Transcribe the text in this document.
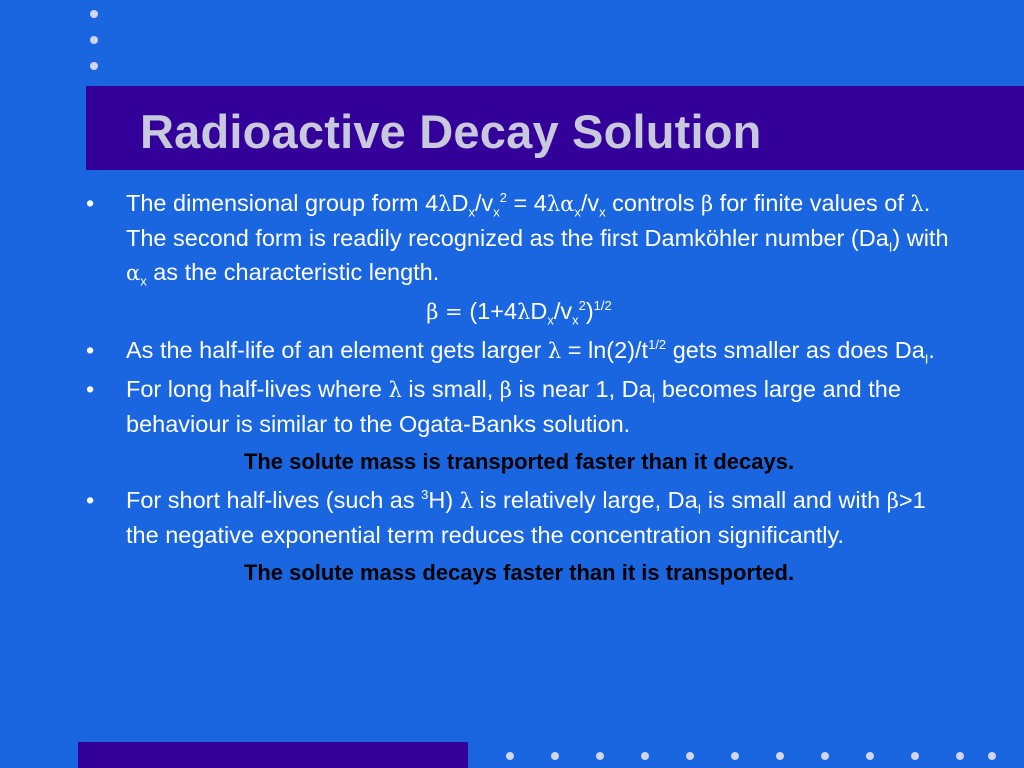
Radioactive Decay Solution
• The dimensional group form $4\lambda D_x/v_x^2 = 4\lambda\alpha_x/v_x$ controls β for finite values of λ. The second form is readily recognized as the first Damköhler number $(Da_I)$ with $\alpha_x$ as the characteristic length.
$\beta = (1+4\lambda D_x/v_x^2)^{1/2}$
• As the half-life of an element gets larger $\lambda = \ln(2)/t^{1/2}$ gets smaller as does $Da_I$.
• For long half-lives where λ is small, β is near 1, $Da_I$ becomes large and the behaviour is similar to the Ogata-Banks solution.
The solute mass is transported faster than it decays.
• For short half-lives (such as $^3$H) λ is relatively large, $Da_I$ is small and with β>1 the negative exponential term reduces the concentration significantly.
The solute mass decays faster than it is transported.
